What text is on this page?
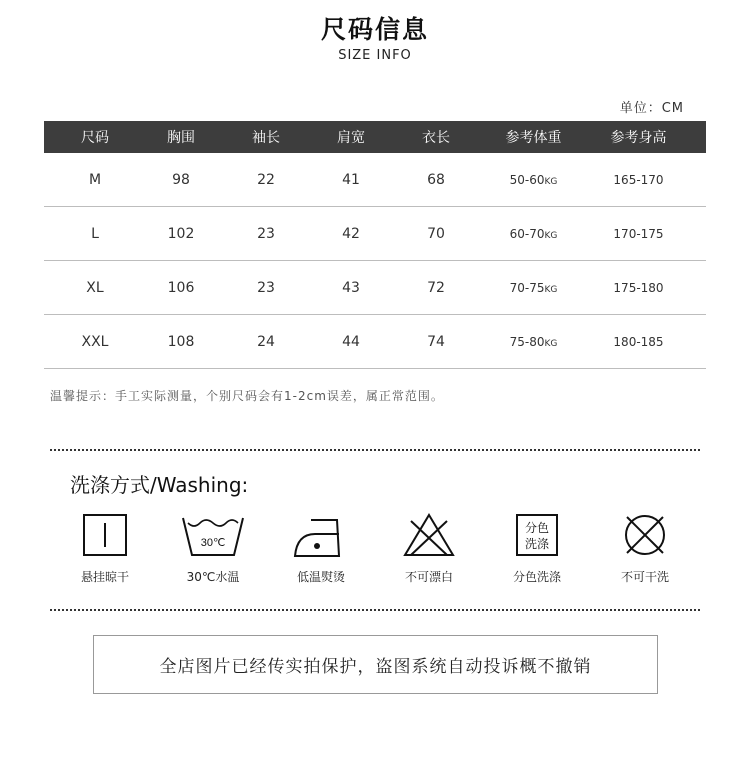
尺码信息
SIZE INFO
单位：CM
尺码	胸围	袖长	肩宽	衣长	参考体重	参考身高
M	98	22	41	68	50-60KG	165-170
L	102	23	42	70	60-70KG	170-175
XL	106	23	43	72	70-75KG	175-180
XXL	108	24	44	74	75-80KG	180-185
温馨提示：手工实际测量，个别尺码会有1-2cm误差，属正常范围。
洗涤方式/Washing:
悬挂晾干
30℃
30℃水温	低温熨烫	不可漂白
分色
洗涤
分色洗涤	不可干洗
全店图片已经传实拍保护，盗图系统自动投诉概不撤销
